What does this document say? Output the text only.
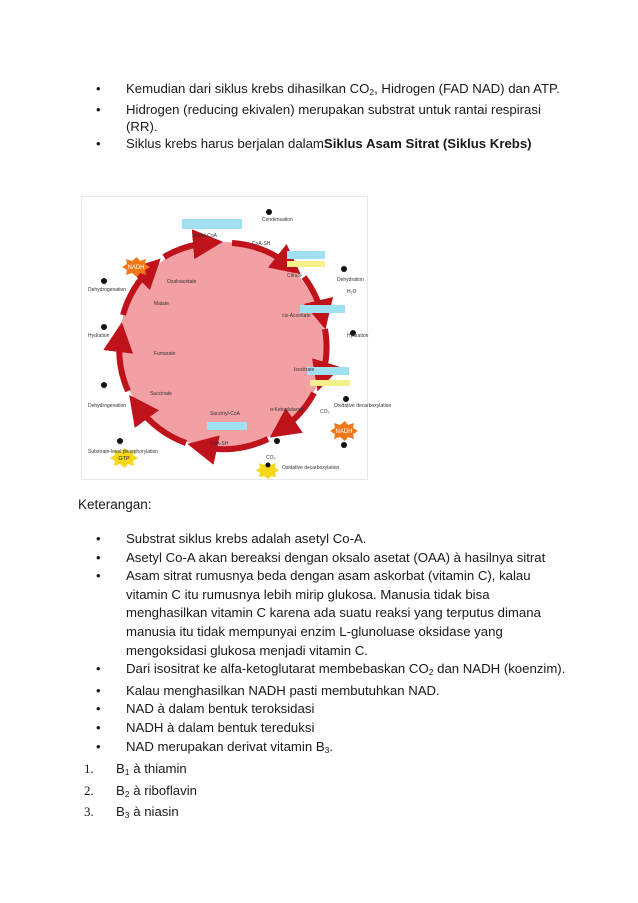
•	Kemudian dari siklus krebs dihasilkan $CO_2$, Hidrogen (FAD NAD) dan ATP.
•	Hidrogen (reducing ekivalen) merupakan substrat untuk rantai respirasi (RR).
•	Siklus krebs harus berjalan dalamSiklus Asam Sitrat (Siklus Krebs)
NADH
NADH
GTP
Acetyl-CoA
Condensation
CoA-SH
Dehydrogenation
Oxaloacetate
Citrate
Dehydration
H₂O
cis-Aconitate
Malate
Hydration	Hydration
Fumarate
Isocitrate
Succinate
Dehydrogenation
Succinyl-CoA
α-Ketoglutarate	CO₂
Oxidative decarboxylation
CoA-SH
Substrate-level phosphorylation
CO₂
Oxidative decarboxylation
Keterangan:
•	Substrat siklus krebs adalah asetyl Co-A.
•	Asetyl Co-A akan bereaksi dengan oksalo asetat (OAA) à hasilnya sitrat
•	Asam sitrat rumusnya beda dengan asam askorbat (vitamin C), kalau vitamin C itu rumusnya lebih mirip glukosa. Manusia tidak bisa menghasilkan vitamin C karena ada suatu reaksi yang terputus dimana manusia itu tidak mempunyai enzim L-glunoluase oksidase yang mengoksidasi glukosa menjadi vitamin C.
•	Dari isositrat ke alfa-ketoglutarat membebaskan $CO_2$ dan NADH (koenzim).
•	Kalau menghasilkan NADH pasti membutuhkan NAD.
•	NAD à dalam bentuk teroksidasi
•	NADH à dalam bentuk tereduksi
•	NAD merupakan derivat vitamin $B_3$.
1. $B_1$ à thiamin
2. $B_2$ à riboflavin
3. $B_3$ à niasin
